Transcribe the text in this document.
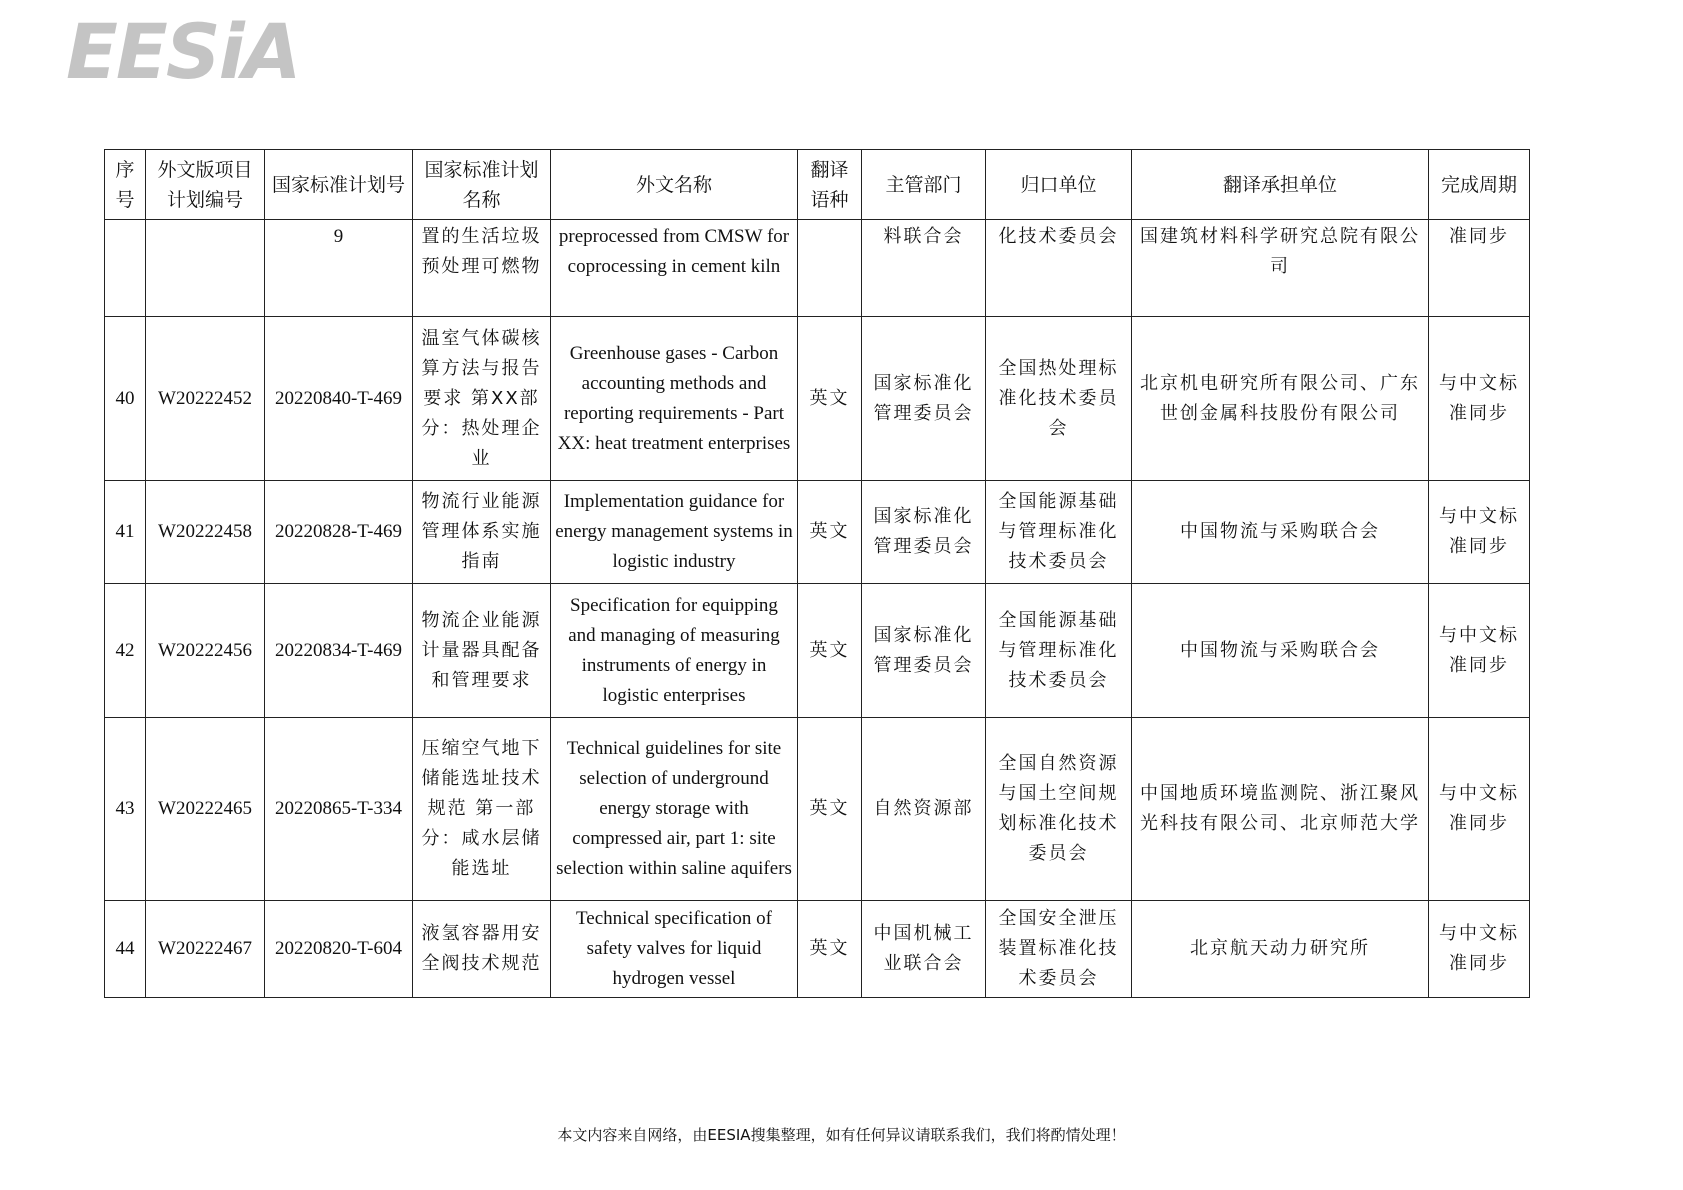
EESiA
序号	外文版项目计划编号	国家标准计划号	国家标准计划名称	外文名称	翻译语种	主管部门	归口单位	翻译承担单位	完成周期
		9	置的生活垃圾预处理可燃物	preprocessed from CMSW for coprocessing in cement kiln		料联合会	化技术委员会	国建筑材料科学研究总院有限公司	准同步
40	W20222452	20220840-T-469	温室气体碳核算方法与报告要求 第XX部分：热处理企业	Greenhouse gases - Carbon accounting methods and reporting requirements - Part XX: heat treatment enterprises	英文	国家标准化管理委员会	全国热处理标准化技术委员会	北京机电研究所有限公司、广东世创金属科技股份有限公司	与中文标准同步
41	W20222458	20220828-T-469	物流行业能源管理体系实施指南	Implementation guidance for energy management systems in logistic industry	英文	国家标准化管理委员会	全国能源基础与管理标准化技术委员会	中国物流与采购联合会	与中文标准同步
42	W20222456	20220834-T-469	物流企业能源计量器具配备和管理要求	Specification for equipping and managing of measuring instruments of energy in logistic enterprises	英文	国家标准化管理委员会	全国能源基础与管理标准化技术委员会	中国物流与采购联合会	与中文标准同步
43	W20222465	20220865-T-334	压缩空气地下储能选址技术规范 第一部分：咸水层储能选址	Technical guidelines for site selection of underground energy storage with compressed air, part 1: site selection within saline aquifers	英文	自然资源部	全国自然资源与国土空间规划标准化技术委员会	中国地质环境监测院、浙江聚风光科技有限公司、北京师范大学	与中文标准同步
44	W20222467	20220820-T-604	液氢容器用安全阀技术规范	Technical specification of safety valves for liquid hydrogen vessel	英文	中国机械工业联合会	全国安全泄压装置标准化技术委员会	北京航天动力研究所	与中文标准同步
本文内容来自网络，由EESIA搜集整理，如有任何异议请联系我们，我们将酌情处理！
